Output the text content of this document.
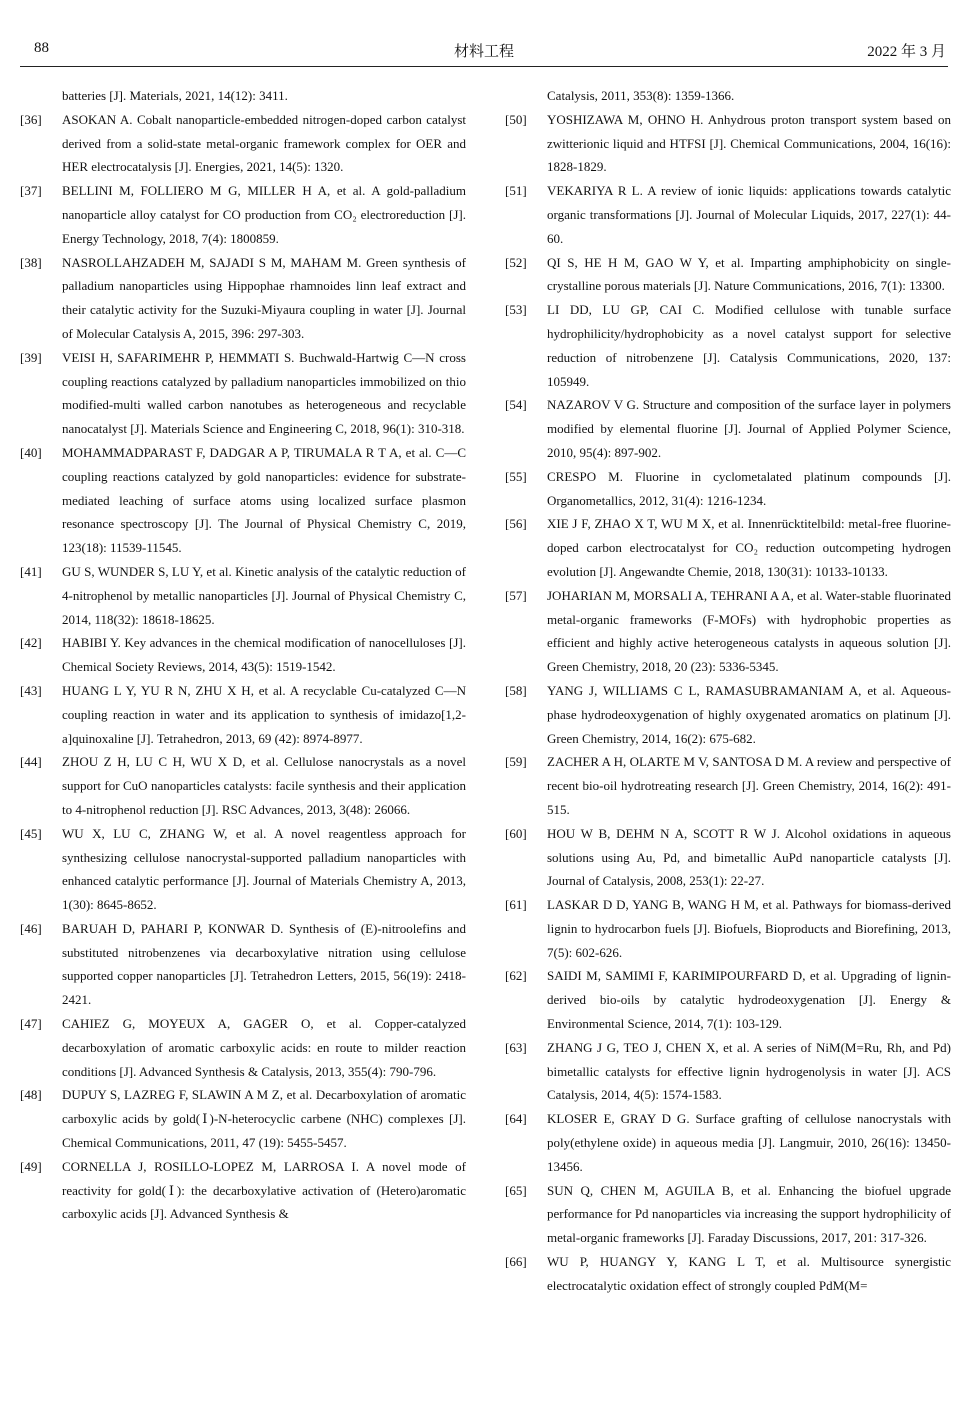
88	材料工程	2022 年 3 月
batteries [J]. Materials, 2021, 14(12): 3411.
[36] ASOKAN A. Cobalt nanoparticle-embedded nitrogen-doped carbon catalyst derived from a solid-state metal-organic framework complex for OER and HER electrocatalysis [J]. Energies, 2021, 14(5): 1320.
[37] BELLINI M, FOLLIERO M G, MILLER H A, et al. A gold-palladium nanoparticle alloy catalyst for CO production from CO₂ electroreduction [J]. Energy Technology, 2018, 7(4): 1800859.
[38] NASROLLAHZADEH M, SAJADI S M, MAHAM M. Green synthesis of palladium nanoparticles using Hippophae rhamnoides linn leaf extract and their catalytic activity for the Suzuki-Miyaura coupling in water [J]. Journal of Molecular Catalysis A, 2015, 396: 297-303.
[39] VEISI H, SAFARIMEHR P, HEMMATI S. Buchwald-Hartwig C—N cross coupling reactions catalyzed by palladium nanoparticles immobilized on thio modified-multi walled carbon nanotubes as heterogeneous and recyclable nanocatalyst [J]. Materials Science and Engineering C, 2018, 96(1): 310-318.
[40] MOHAMMADPARAST F, DADGAR A P, TIRUMALA R T A, et al. C—C coupling reactions catalyzed by gold nanoparticles: evidence for substrate-mediated leaching of surface atoms using localized surface plasmon resonance spectroscopy [J]. The Journal of Physical Chemistry C, 2019, 123(18): 11539-11545.
[41] GU S, WUNDER S, LU Y, et al. Kinetic analysis of the catalytic reduction of 4-nitrophenol by metallic nanoparticles [J]. Journal of Physical Chemistry C, 2014, 118(32): 18618-18625.
[42] HABIBI Y. Key advances in the chemical modification of nanocelluloses [J]. Chemical Society Reviews, 2014, 43(5): 1519-1542.
[43] HUANG L Y, YU R N, ZHU X H, et al. A recyclable Cu-catalyzed C—N coupling reaction in water and its application to synthesis of imidazo[1,2-a]quinoxaline [J]. Tetrahedron, 2013, 69 (42): 8974-8977.
[44] ZHOU Z H, LU C H, WU X D, et al. Cellulose nanocrystals as a novel support for CuO nanoparticles catalysts: facile synthesis and their application to 4-nitrophenol reduction [J]. RSC Advances, 2013, 3(48): 26066.
[45] WU X, LU C, ZHANG W, et al. A novel reagentless approach for synthesizing cellulose nanocrystal-supported palladium nanoparticles with enhanced catalytic performance [J]. Journal of Materials Chemistry A, 2013, 1(30): 8645-8652.
[46] BARUAH D, PAHARI P, KONWAR D. Synthesis of (E)-nitroolefins and substituted nitrobenzenes via decarboxylative nitration using cellulose supported copper nanoparticles [J]. Tetrahedron Letters, 2015, 56(19): 2418-2421.
[47] CAHIEZ G, MOYEUX A, GAGER O, et al. Copper-catalyzed decarboxylation of aromatic carboxylic acids: en route to milder reaction conditions [J]. Advanced Synthesis & Catalysis, 2013, 355(4): 790-796.
[48] DUPUY S, LAZREG F, SLAWIN A M Z, et al. Decarboxylation of aromatic carboxylic acids by gold(Ⅰ)-N-heterocyclic carbene (NHC) complexes [J]. Chemical Communications, 2011, 47 (19): 5455-5457.
[49] CORNELLA J, ROSILLO-LOPEZ M, LARROSA I. A novel mode of reactivity for gold(Ⅰ): the decarboxylative activation of (Hetero)aromatic carboxylic acids [J]. Advanced Synthesis &
Catalysis, 2011, 353(8): 1359-1366.
[50] YOSHIZAWA M, OHNO H. Anhydrous proton transport system based on zwitterionic liquid and HTFSI [J]. Chemical Communications, 2004, 16(16): 1828-1829.
[51] VEKARIYA R L. A review of ionic liquids: applications towards catalytic organic transformations [J]. Journal of Molecular Liquids, 2017, 227(1): 44-60.
[52] QI S, HE H M, GAO W Y, et al. Imparting amphiphobicity on single-crystalline porous materials [J]. Nature Communications, 2016, 7(1): 13300.
[53] LI DD, LU GP, CAI C. Modified cellulose with tunable surface hydrophilicity/hydrophobicity as a novel catalyst support for selective reduction of nitrobenzene [J]. Catalysis Communications, 2020, 137: 105949.
[54] NAZAROV V G. Structure and composition of the surface layer in polymers modified by elemental fluorine [J]. Journal of Applied Polymer Science, 2010, 95(4): 897-902.
[55] CRESPO M. Fluorine in cyclometalated platinum compounds [J]. Organometallics, 2012, 31(4): 1216-1234.
[56] XIE J F, ZHAO X T, WU M X, et al. Innenrücktitelbild: metal-free fluorine-doped carbon electrocatalyst for CO₂ reduction outcompeting hydrogen evolution [J]. Angewandte Chemie, 2018, 130(31): 10133-10133.
[57] JOHARIAN M, MORSALI A, TEHRANI A A, et al. Water-stable fluorinated metal-organic frameworks (F-MOFs) with hydrophobic properties as efficient and highly active heterogeneous catalysts in aqueous solution [J]. Green Chemistry, 2018, 20 (23): 5336-5345.
[58] YANG J, WILLIAMS C L, RAMASUBRAMANIAM A, et al. Aqueous-phase hydrodeoxygenation of highly oxygenated aromatics on platinum [J]. Green Chemistry, 2014, 16(2): 675-682.
[59] ZACHER A H, OLARTE M V, SANTOSA D M. A review and perspective of recent bio-oil hydrotreating research [J]. Green Chemistry, 2014, 16(2): 491-515.
[60] HOU W B, DEHM N A, SCOTT R W J. Alcohol oxidations in aqueous solutions using Au, Pd, and bimetallic AuPd nanoparticle catalysts [J]. Journal of Catalysis, 2008, 253(1): 22-27.
[61] LASKAR D D, YANG B, WANG H M, et al. Pathways for biomass-derived lignin to hydrocarbon fuels [J]. Biofuels, Bioproducts and Biorefining, 2013, 7(5): 602-626.
[62] SAIDI M, SAMIMI F, KARIMIPOURFARD D, et al. Upgrading of lignin-derived bio-oils by catalytic hydrodeoxygenation [J]. Energy & Environmental Science, 2014, 7(1): 103-129.
[63] ZHANG J G, TEO J, CHEN X, et al. A series of NiM(M=Ru, Rh, and Pd) bimetallic catalysts for effective lignin hydrogenolysis in water [J]. ACS Catalysis, 2014, 4(5): 1574-1583.
[64] KLOSER E, GRAY D G. Surface grafting of cellulose nanocrystals with poly(ethylene oxide) in aqueous media [J]. Langmuir, 2010, 26(16): 13450-13456.
[65] SUN Q, CHEN M, AGUILA B, et al. Enhancing the biofuel upgrade performance for Pd nanoparticles via increasing the support hydrophilicity of metal-organic frameworks [J]. Faraday Discussions, 2017, 201: 317-326.
[66] WU P, HUANGY Y, KANG L T, et al. Multisource synergistic electrocatalytic oxidation effect of strongly coupled PdM(M=
